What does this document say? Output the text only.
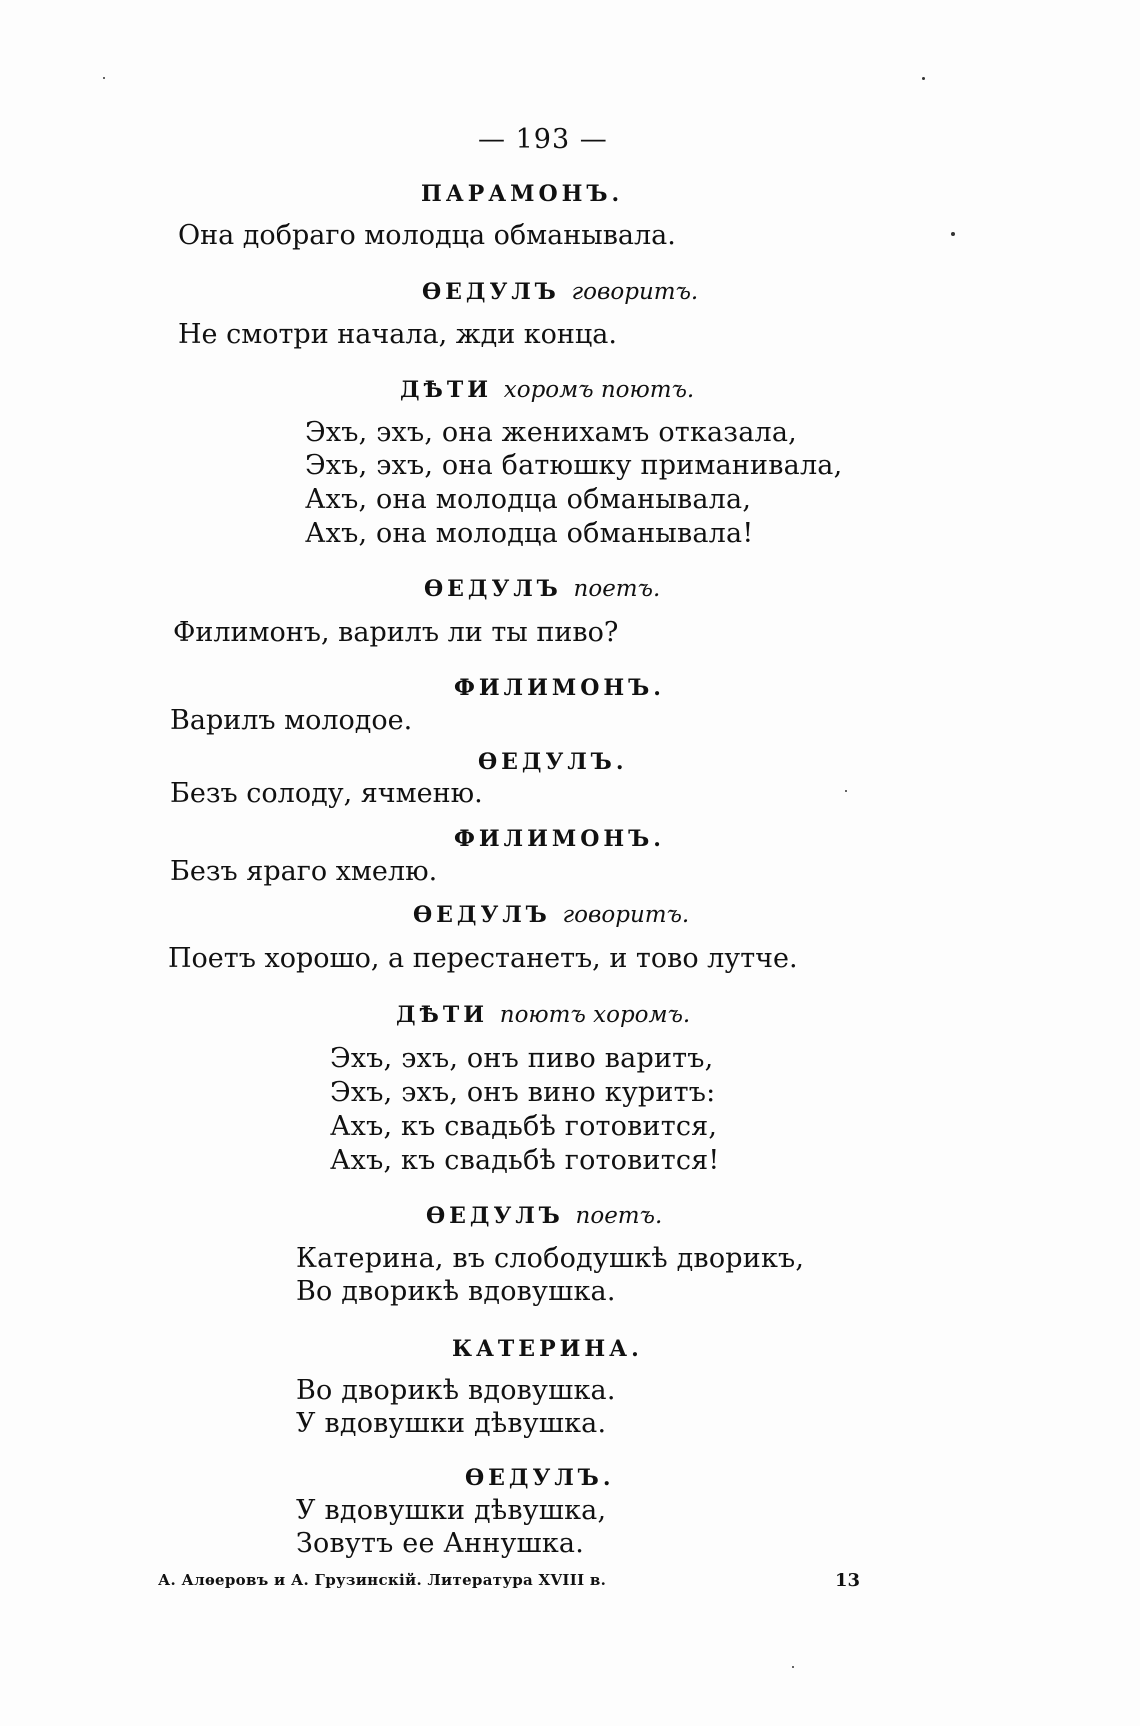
— 193 —
ПАРАМОНЪ.
Она добраго молодца обманывала.
ѲЕДУЛЪ говоритъ.
Не смотри начала, жди конца.
ДѢТИ хоромъ поютъ.
Эхъ, эхъ, она женихамъ отказала,
Эхъ, эхъ, она батюшку приманивала,
Ахъ, она молодца обманывала,
Ахъ, она молодца обманывала!
ѲЕДУЛЪ поетъ.
Филимонъ, варилъ ли ты пиво?
ФИЛИМОНЪ.
Варилъ молодое.
ѲЕДУЛЪ.
Безъ солоду, ячменю.
ФИЛИМОНЪ.
Безъ яраго хмелю.
ѲЕДУЛЪ говоритъ.
Поетъ хорошо, а перестанетъ, и тово лутче.
ДѢТИ поютъ хоромъ.
Эхъ, эхъ, онъ пиво варитъ,
Эхъ, эхъ, онъ вино куритъ:
Ахъ, къ свадьбѣ готовится,
Ахъ, къ свадьбѣ готовится!
ѲЕДУЛЪ поетъ.
Катерина, въ слободушкѣ дворикъ,
Во дворикѣ вдовушка.
КАТЕРИНА.
Во дворикѣ вдовушка.
У вдовушки дѣвушка.
ѲЕДУЛЪ.
У вдовушки дѣвушка,
Зовутъ ее Аннушка.
А. Алѳеровъ и А. Грузинскій. Литература XVIII в.	13
